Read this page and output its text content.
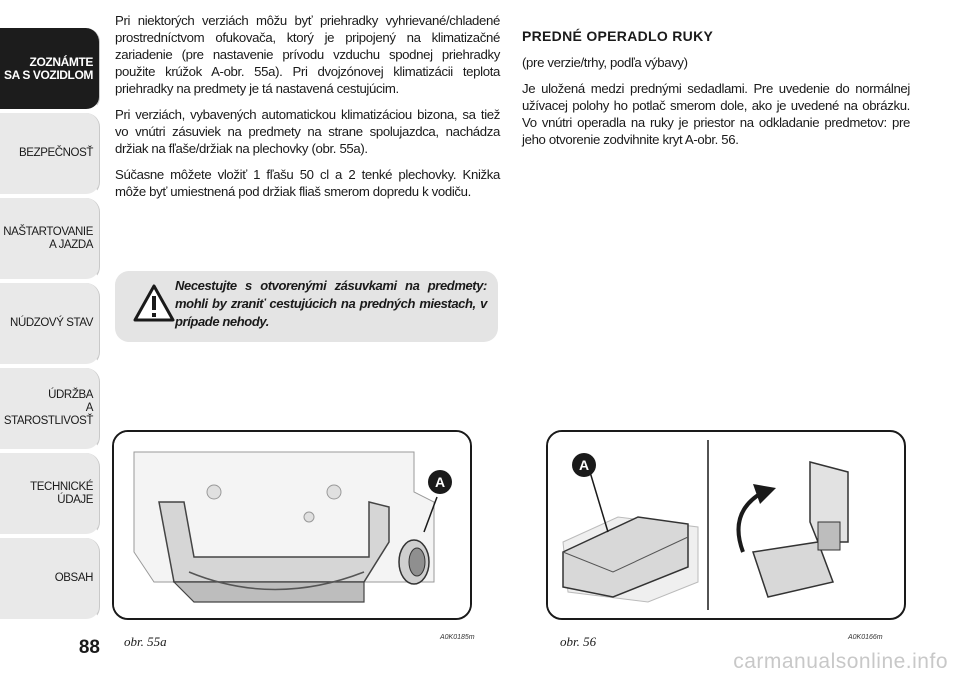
ZOZNÁMTE
SA S VOZIDLOM
BEZPEČNOSŤ
NAŠTARTOVANIE
A JAZDA
NÚDZOVÝ STAV
ÚDRŽBA
A STAROSTLIVOSŤ
TECHNICKÉ
ÚDAJE
OBSAH
88

Pri niektorých verziách môžu byť priehradky vyhrievané/chladené prostredníctvom ofukovača, ktorý je pripojený na klimatizačné zariadenie (pre nastavenie prívodu vzduchu spodnej priehradky použite krúžok A-obr. 55a). Pri dvojzónovej klimatizácii teplota priehradky na predmety je tá nastavená cestujúcim.

Pri verziách, vybavených automatickou klimatizáciou bizona, sa tiež vo vnútri zásuviek na predmety na strane spolujazdca, nachádza držiak na fľaše/držiak na plechovky (obr. 55a).

Súčasne môžete vložiť 1 fľašu 50 cl a 2 tenké plechovky. Knižka môže byť umiestnená pod držiak fliaš smerom dopredu k vodiču.

Necestujte s otvorenými zásuvkami na predmety: mohli by zraniť cestujúcich na predných miestach, v prípade nehody.

PREDNÉ OPERADLO RUKY

(pre verzie/trhy, podľa výbavy)

Je uložená medzi prednými sedadlami. Pre uvedenie do normálnej užívacej polohy ho potlač smerom dole, ako je uvedené na obrázku. Vo vnútri operadla na ruky je priestor na odkladanie predmetov: pre jeho otvorenie zodvihnite kryt A-obr. 56.

A
obr. 55a	A0K0185m
A
obr. 56	A0K0166m
carmanualsonline.info
